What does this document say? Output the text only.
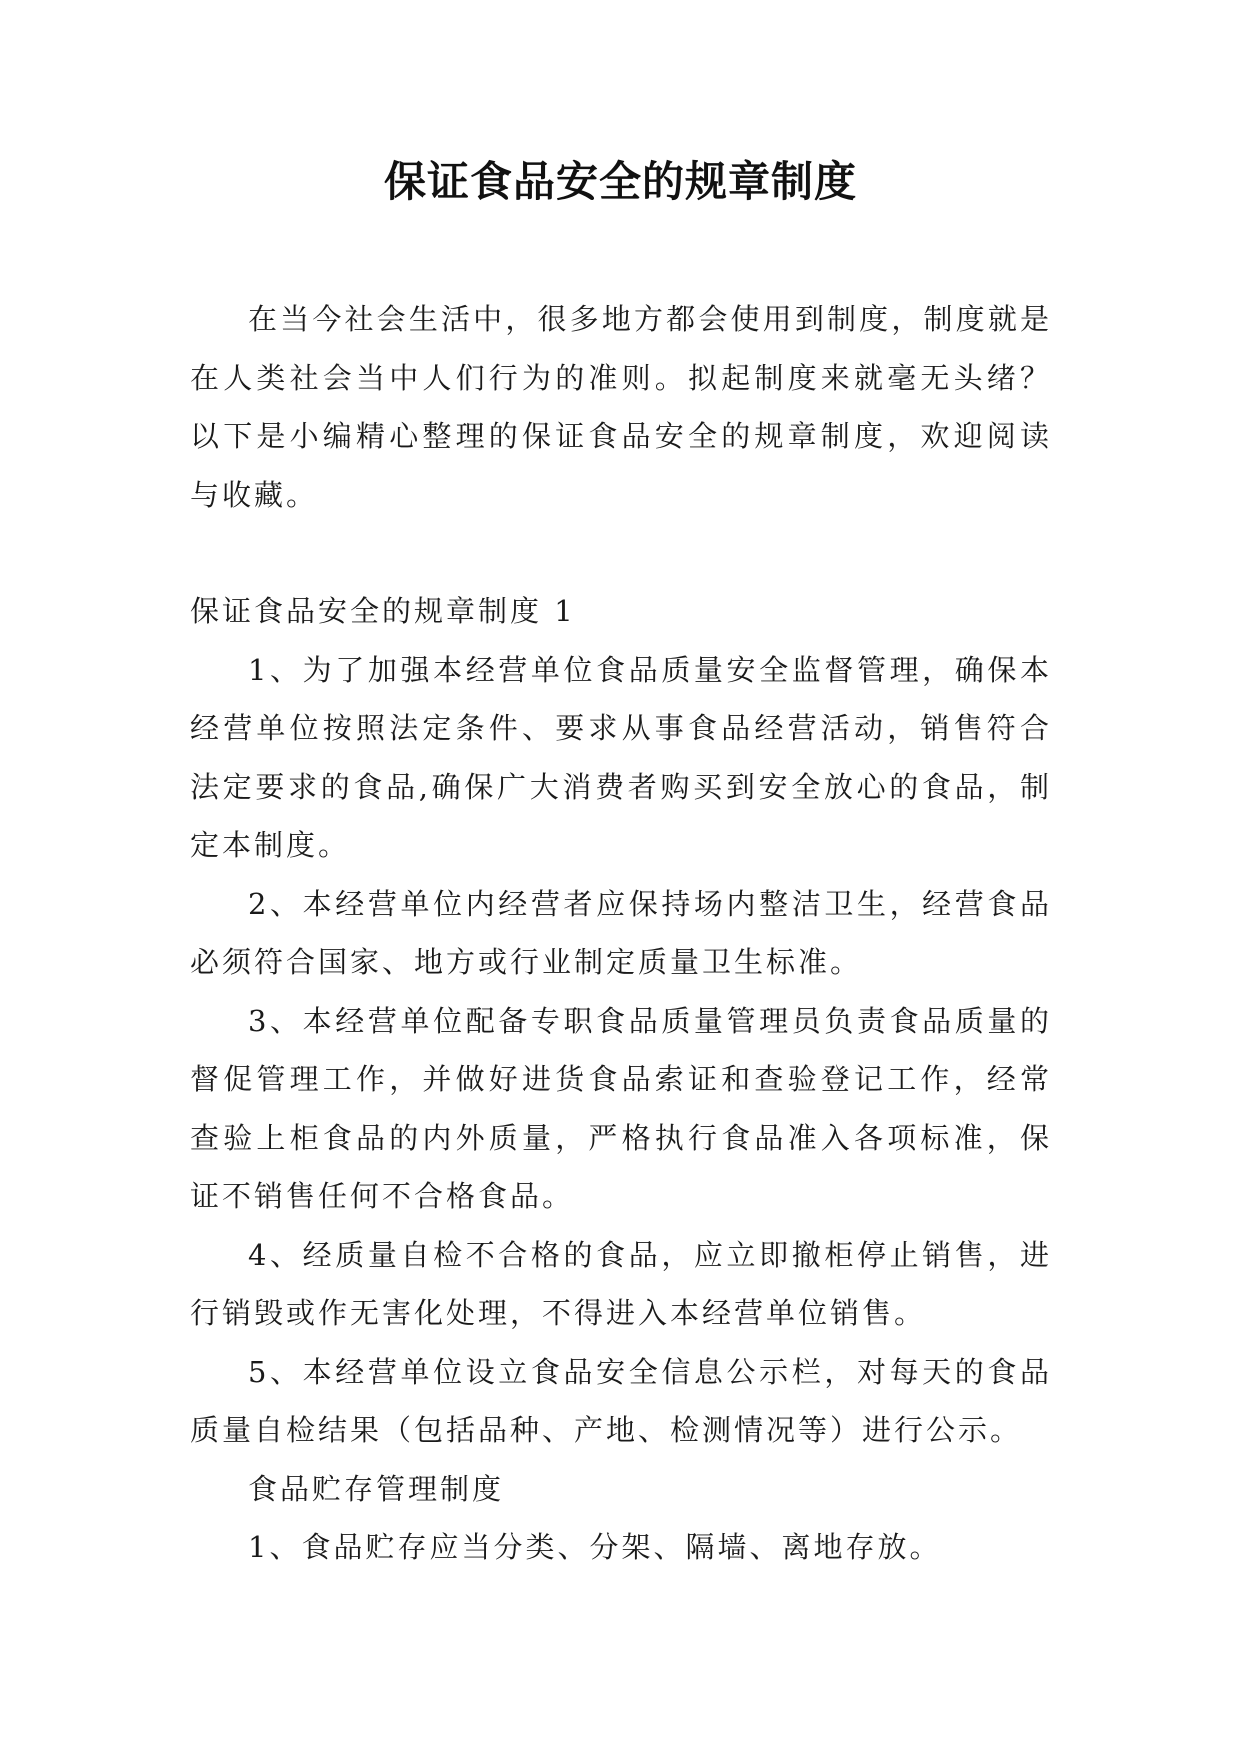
保证食品安全的规章制度

在当今社会生活中，很多地方都会使用到制度，制度就是在人类社会当中人们行为的准则。拟起制度来就毫无头绪？以下是小编精心整理的保证食品安全的规章制度，欢迎阅读与收藏。

保证食品安全的规章制度 1

1、为了加强本经营单位食品质量安全监督管理，确保本经营单位按照法定条件、要求从事食品经营活动，销售符合法定要求的食品,确保广大消费者购买到安全放心的食品，制定本制度。

2、本经营单位内经营者应保持场内整洁卫生，经营食品必须符合国家、地方或行业制定质量卫生标准。

3、本经营单位配备专职食品质量管理员负责食品质量的督促管理工作，并做好进货食品索证和查验登记工作，经常查验上柜食品的内外质量，严格执行食品准入各项标准，保证不销售任何不合格食品。

4、经质量自检不合格的食品，应立即撤柜停止销售，进行销毁或作无害化处理，不得进入本经营单位销售。

5、本经营单位设立食品安全信息公示栏，对每天的食品质量自检结果（包括品种、产地、检测情况等）进行公示。

食品贮存管理制度

1、食品贮存应当分类、分架、隔墙、离地存放。
